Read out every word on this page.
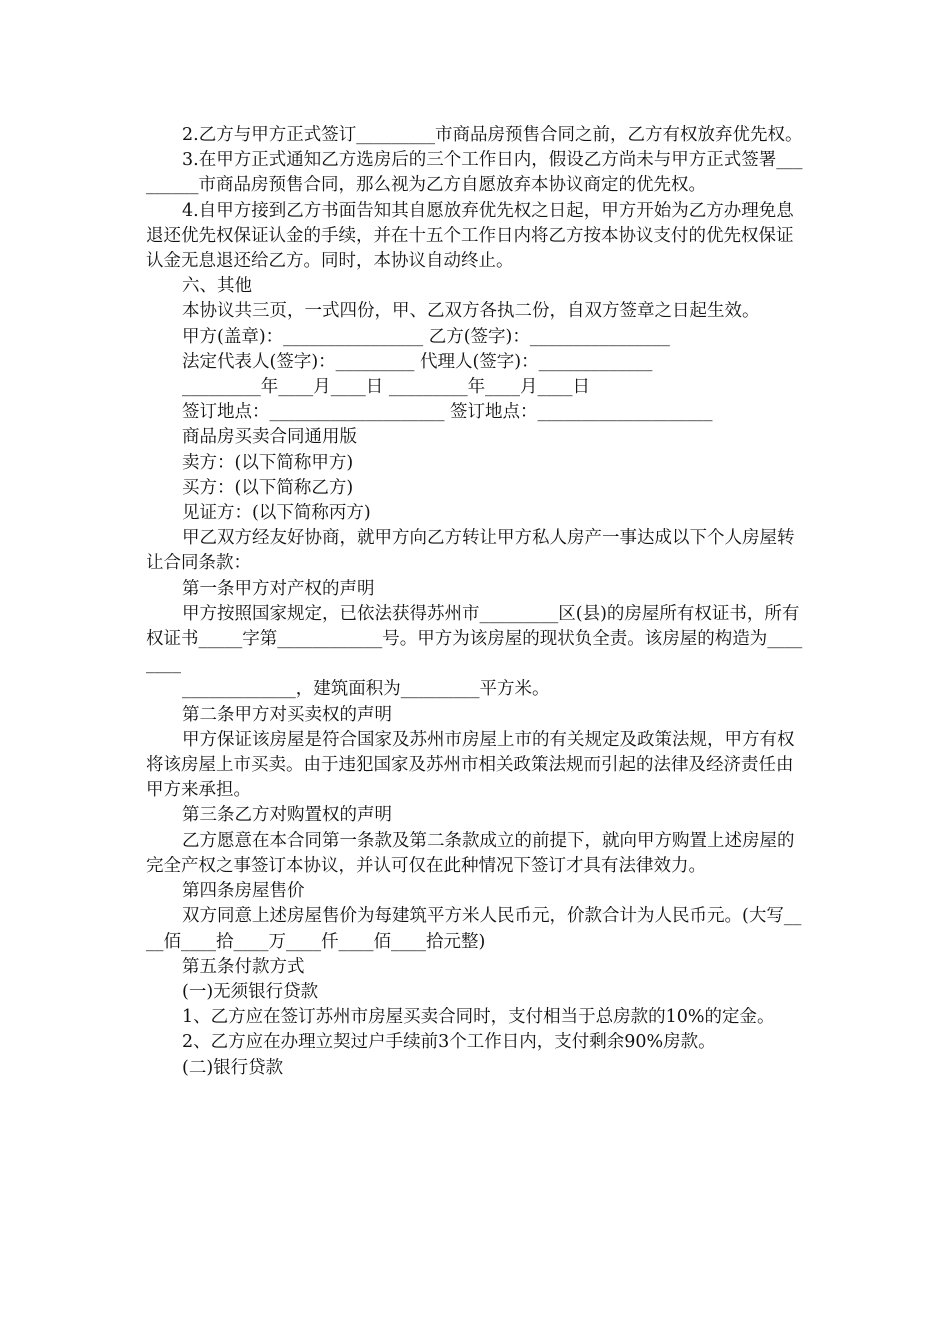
2.乙方与甲方正式签订_________市商品房预售合同之前，乙方有权放弃优先权。

3.在甲方正式通知乙方选房后的三个工作日内，假设乙方尚未与甲方正式签署_________市商品房预售合同，那么视为乙方自愿放弃本协议商定的优先权。

4.自甲方接到乙方书面告知其自愿放弃优先权之日起，甲方开始为乙方办理免息退还优先权保证认金的手续，并在十五个工作日内将乙方按本协议支付的优先权保证认金无息退还给乙方。同时，本协议自动终止。

六、其他

本协议共三页，一式四份，甲、乙双方各执二份，自双方签章之日起生效。

甲方(盖章)：________________ 乙方(签字)：________________

法定代表人(签字)：_________ 代理人(签字)：_____________

_________年____月____日 _________年____月____日

签订地点：____________________ 签订地点：____________________

商品房买卖合同通用版

卖方：(以下简称甲方)

买方：(以下简称乙方)

见证方：(以下简称丙方)

甲乙双方经友好协商，就甲方向乙方转让甲方私人房产一事达成以下个人房屋转让合同条款：

第一条甲方对产权的声明

甲方按照国家规定，已依法获得苏州市_________区(县)的房屋所有权证书，所有权证书_____字第____________号。甲方为该房屋的现状负全责。该房屋的构造为________

_____________，建筑面积为_________平方米。

第二条甲方对买卖权的声明

甲方保证该房屋是符合国家及苏州市房屋上市的有关规定及政策法规，甲方有权将该房屋上市买卖。由于违犯国家及苏州市相关政策法规而引起的法律及经济责任由甲方来承担。

第三条乙方对购置权的声明

乙方愿意在本合同第一条款及第二条款成立的前提下，就向甲方购置上述房屋的完全产权之事签订本协议，并认可仅在此种情况下签订才具有法律效力。

第四条房屋售价

双方同意上述房屋售价为每建筑平方米人民币元，价款合计为人民币元。(大写____佰____拾____万____仟____佰____拾元整)

第五条付款方式

(一)无须银行贷款

1、乙方应在签订苏州市房屋买卖合同时，支付相当于总房款的10%的定金。

2、乙方应在办理立契过户手续前3个工作日内，支付剩余90%房款。

(二)银行贷款
